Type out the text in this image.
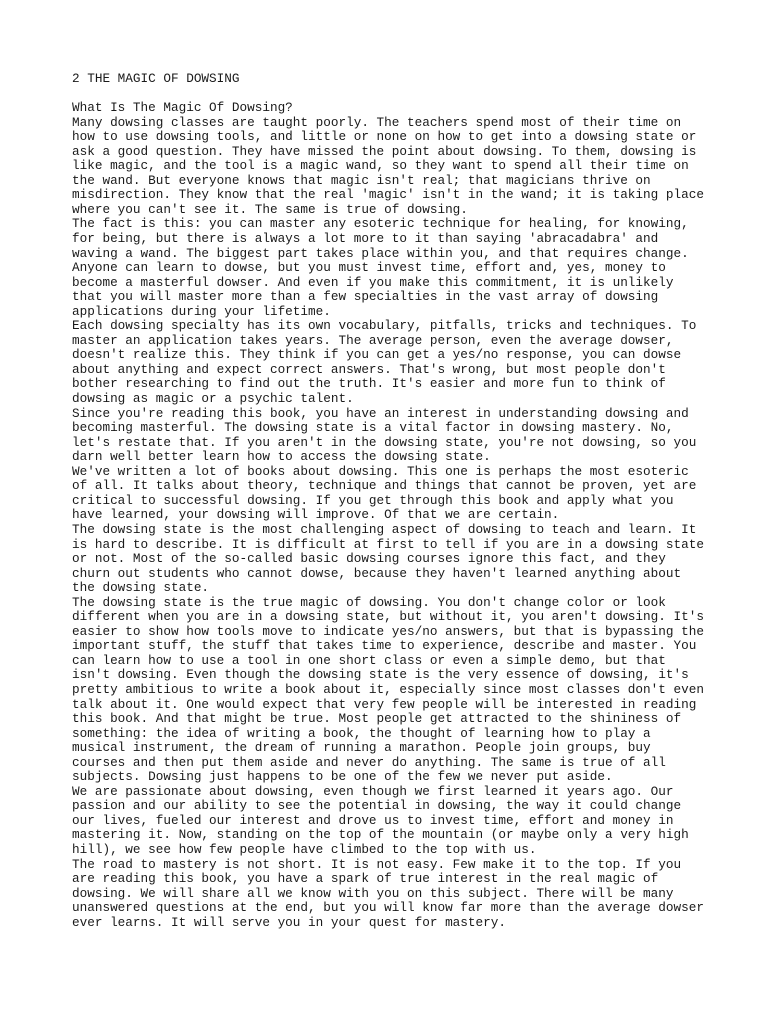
2 THE MAGIC OF DOWSING
What Is The Magic Of Dowsing?
Many dowsing classes are taught poorly. The teachers spend most of their time on
how to use dowsing tools, and little or none on how to get into a dowsing state or
ask a good question. They have missed the point about dowsing. To them, dowsing is
like magic, and the tool is a magic wand, so they want to spend all their time on
the wand. But everyone knows that magic isn't real; that magicians thrive on
misdirection. They know that the real 'magic' isn't in the wand; it is taking place
where you can't see it. The same is true of dowsing.
The fact is this: you can master any esoteric technique for healing, for knowing,
for being, but there is always a lot more to it than saying 'abracadabra' and
waving a wand. The biggest part takes place within you, and that requires change.
Anyone can learn to dowse, but you must invest time, effort and, yes, money to
become a masterful dowser. And even if you make this commitment, it is unlikely
that you will master more than a few specialties in the vast array of dowsing
applications during your lifetime.
Each dowsing specialty has its own vocabulary, pitfalls, tricks and techniques. To
master an application takes years. The average person, even the average dowser,
doesn't realize this. They think if you can get a yes/no response, you can dowse
about anything and expect correct answers. That's wrong, but most people don't
bother researching to find out the truth. It's easier and more fun to think of
dowsing as magic or a psychic talent.
Since you're reading this book, you have an interest in understanding dowsing and
becoming masterful. The dowsing state is a vital factor in dowsing mastery. No,
let's restate that. If you aren't in the dowsing state, you're not dowsing, so you
darn well better learn how to access the dowsing state.
We've written a lot of books about dowsing. This one is perhaps the most esoteric
of all. It talks about theory, technique and things that cannot be proven, yet are
critical to successful dowsing. If you get through this book and apply what you
have learned, your dowsing will improve. Of that we are certain.
The dowsing state is the most challenging aspect of dowsing to teach and learn. It
is hard to describe. It is difficult at first to tell if you are in a dowsing state
or not. Most of the so-called basic dowsing courses ignore this fact, and they
churn out students who cannot dowse, because they haven't learned anything about
the dowsing state.
The dowsing state is the true magic of dowsing. You don't change color or look
different when you are in a dowsing state, but without it, you aren't dowsing. It's
easier to show how tools move to indicate yes/no answers, but that is bypassing the
important stuff, the stuff that takes time to experience, describe and master. You
can learn how to use a tool in one short class or even a simple demo, but that
isn't dowsing. Even though the dowsing state is the very essence of dowsing, it's
pretty ambitious to write a book about it, especially since most classes don't even
talk about it. One would expect that very few people will be interested in reading
this book. And that might be true. Most people get attracted to the shininess of
something: the idea of writing a book, the thought of learning how to play a
musical instrument, the dream of running a marathon. People join groups, buy
courses and then put them aside and never do anything. The same is true of all
subjects. Dowsing just happens to be one of the few we never put aside.
We are passionate about dowsing, even though we first learned it years ago. Our
passion and our ability to see the potential in dowsing, the way it could change
our lives, fueled our interest and drove us to invest time, effort and money in
mastering it. Now, standing on the top of the mountain (or maybe only a very high
hill), we see how few people have climbed to the top with us.
The road to mastery is not short. It is not easy. Few make it to the top. If you
are reading this book, you have a spark of true interest in the real magic of
dowsing. We will share all we know with you on this subject. There will be many
unanswered questions at the end, but you will know far more than the average dowser
ever learns. It will serve you in your quest for mastery.
